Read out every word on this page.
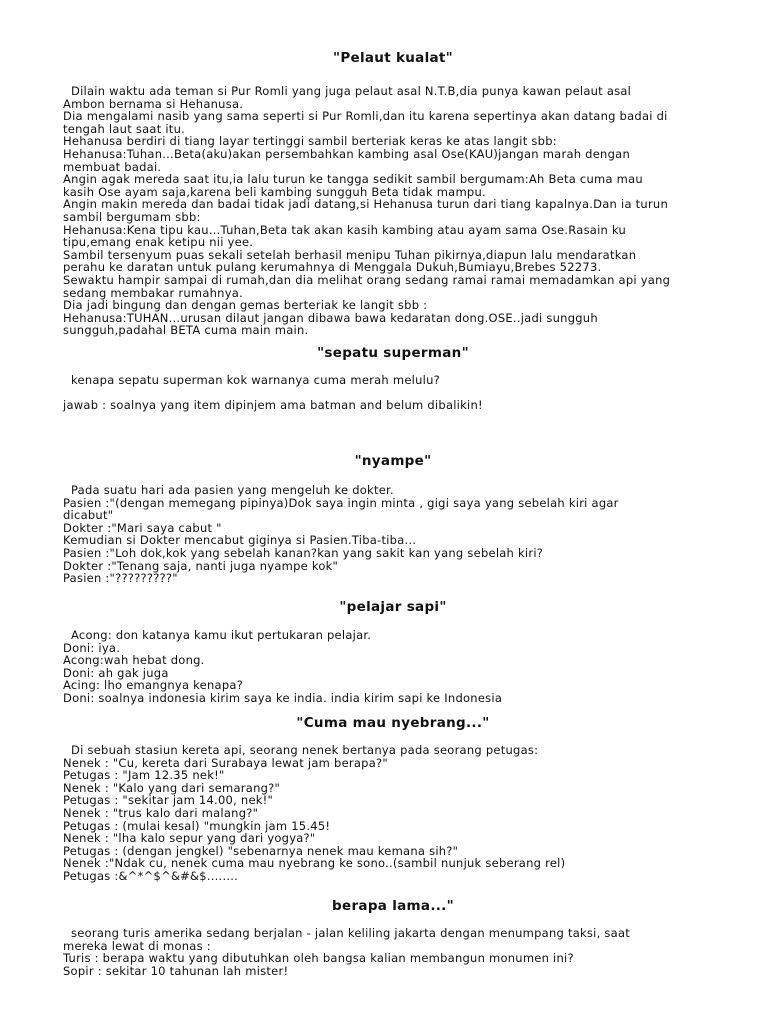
"Pelaut kualat"
Dilain waktu ada teman si Pur Romli yang juga pelaut asal N.T.B,dia punya kawan pelaut asal
Ambon bernama si Hehanusa.
Dia mengalami nasib yang sama seperti si Pur Romli,dan itu karena sepertinya akan datang badai di
tengah laut saat itu.
Hehanusa berdiri di tiang layar tertinggi sambil berteriak keras ke atas langit sbb:
Hehanusa:Tuhan...Beta(aku)akan persembahkan kambing asal Ose(KAU)jangan marah dengan
membuat badai.
Angin agak mereda saat itu,ia lalu turun ke tangga sedikit sambil bergumam:Ah Beta cuma mau
kasih Ose ayam saja,karena beli kambing sungguh Beta tidak mampu.
Angin makin mereda dan badai tidak jadi datang,si Hehanusa turun dari tiang kapalnya.Dan ia turun
sambil bergumam sbb:
Hehanusa:Kena tipu kau...Tuhan,Beta tak akan kasih kambing atau ayam sama Ose.Rasain ku
tipu,emang enak ketipu nii yee.
Sambil tersenyum puas sekali setelah berhasil menipu Tuhan pikirnya,diapun lalu mendaratkan
perahu ke daratan untuk pulang kerumahnya di Menggala Dukuh,Bumiayu,Brebes 52273.
Sewaktu hampir sampai di rumah,dan dia melihat orang sedang ramai ramai memadamkan api yang
sedang membakar rumahnya.
Dia jadi bingung dan dengan gemas berteriak ke langit sbb :
Hehanusa:TUHAN...urusan dilaut jangan dibawa bawa kedaratan dong.OSE..jadi sungguh
sungguh,padahal BETA cuma main main.
"sepatu superman"
kenapa sepatu superman kok warnanya cuma merah melulu?
jawab : soalnya yang item dipinjem ama batman and belum dibalikin!
"nyampe"
Pada suatu hari ada pasien yang mengeluh ke dokter.
Pasien :"(dengan memegang pipinya)Dok saya ingin minta , gigi saya yang sebelah kiri agar
dicabut"
Dokter :"Mari saya cabut "
Kemudian si Dokter mencabut giginya si Pasien.Tiba-tiba...
Pasien :"Loh dok,kok yang sebelah kanan?kan yang sakit kan yang sebelah kiri?
Dokter :"Tenang saja, nanti juga nyampe kok"
Pasien :"?????????"
"pelajar sapi"
Acong: don katanya kamu ikut pertukaran pelajar.
Doni: iya.
Acong:wah hebat dong.
Doni: ah gak juga
Acing: lho emangnya kenapa?
Doni: soalnya indonesia kirim saya ke india. india kirim sapi ke Indonesia
"Cuma mau nyebrang..."
Di sebuah stasiun kereta api, seorang nenek bertanya pada seorang petugas:
Nenek : "Cu, kereta dari Surabaya lewat jam berapa?"
Petugas : "Jam 12.35 nek!"
Nenek : "Kalo yang dari semarang?"
Petugas : "sekitar jam 14.00, nek!"
Nenek : "trus kalo dari malang?"
Petugas : (mulai kesal) "mungkin jam 15.45!
Nenek : "lha kalo sepur yang dari yogya?"
Petugas : (dengan jengkel) "sebenarnya nenek mau kemana sih?"
Nenek :"Ndak cu, nenek cuma mau nyebrang ke sono..(sambil nunjuk seberang rel)
Petugas :&^*^$^&#&$........
berapa lama..."
seorang turis amerika sedang berjalan - jalan keliling jakarta dengan menumpang taksi, saat
mereka lewat di monas :
Turis : berapa waktu yang dibutuhkan oleh bangsa kalian membangun monumen ini?
Sopir : sekitar 10 tahunan lah mister!
